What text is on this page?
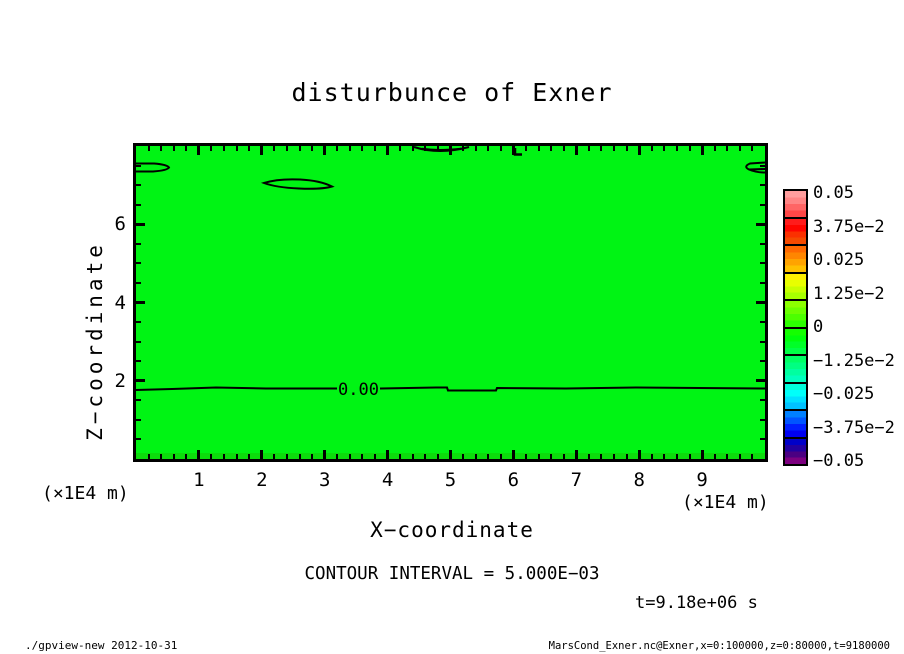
disturbunce of Exner
0.00
Z−coordinate
X−coordinate
(×1E4 m)	(×1E4 m)
1	2	3	4	5	6	7	8	9
2
4
6
0.05
3.75e−2
0.025
1.25e−2
0
−1.25e−2
−0.025
−3.75e−2
−0.05
CONTOUR INTERVAL = 5.000E−03
t=9.18e+06 s
./gpview-new 2012-10-31	MarsCond_Exner.nc@Exner,x=0:100000,z=0:80000,t=9180000
